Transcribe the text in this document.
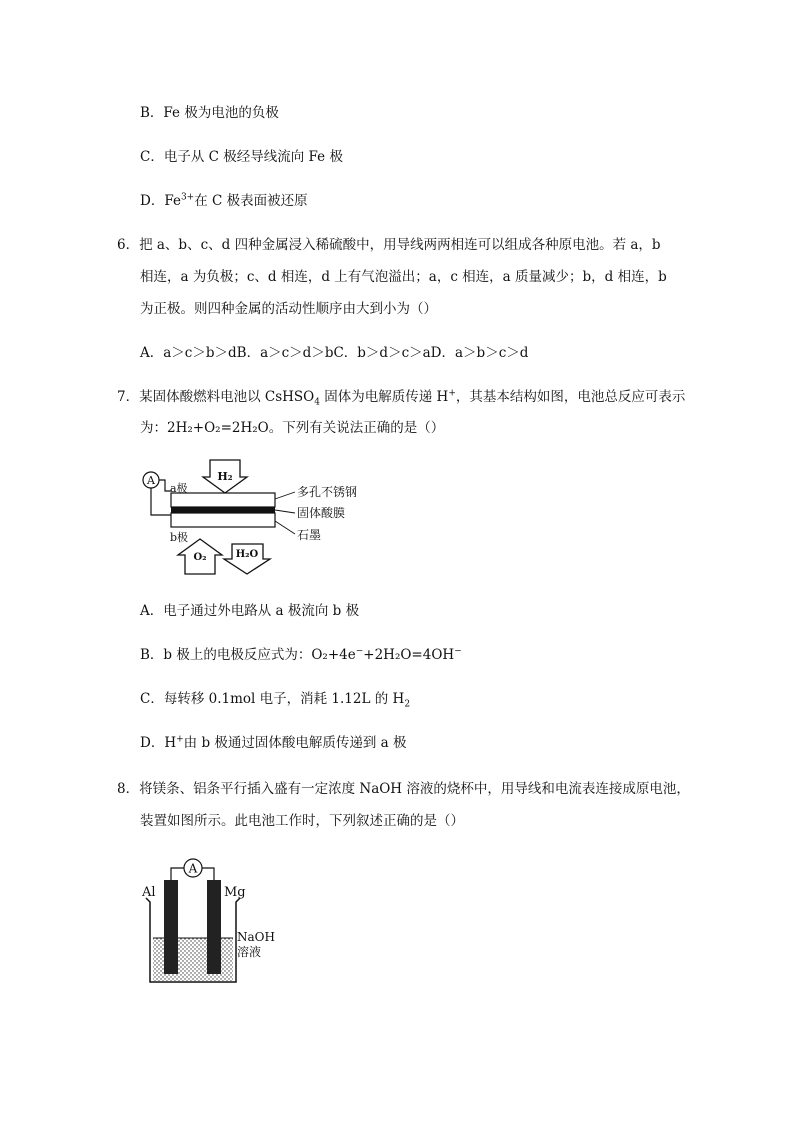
B．Fe 极为电池的负极
C．电子从 C 极经导线流向 Fe 极
D．$Fe^{3+}$在 C 极表面被还原
6．把 a、b、c、d 四种金属浸入稀硫酸中，用导线两两相连可以组成各种原电池。若 a，b
相连，a 为负极；c、d 相连，d 上有气泡溢出；a，c 相连，a 质量减少；b，d 相连，b
为正极。则四种金属的活动性顺序由大到小为（）
A．a＞c＞b＞dB．a＞c＞d＞bC．b＞d＞c＞aD．a＞b＞c＞d
7．某固体酸燃料电池以 CsHSO$_4$ 固体为电解质传递 H+，其基本结构如图，电池总反应可表示
为：2H₂+O₂=2H₂O。下列有关说法正确的是（）
A	H₂
a极
b极
多孔不锈钢
固体酸膜
石墨
O₂	H₂O
A．电子通过外电路从 a 极流向 b 极
B．b 极上的电极反应式为：O₂+4e−+2H₂O=4OH−
C．每转移 0.1mol 电子，消耗 1.12L 的 $H_2$
D．H+由 b 极通过固体酸电解质传递到 a 极
8．将镁条、铝条平行插入盛有一定浓度 NaOH 溶液的烧杯中，用导线和电流表连接成原电池，
装置如图所示。此电池工作时，下列叙述正确的是（）
A
Al	Mg
NaOH
溶液
